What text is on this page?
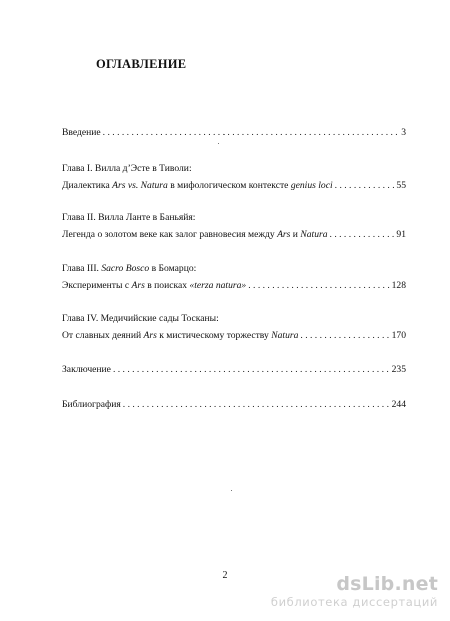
ОГЛАВЛЕНИЕ
Введение . . .	3
Глава I. Вилла д’Эсте в Тиволи:
Диалектика Ars vs. Natura в мифологическом контексте genius loci . . .	55
Глава II. Вилла Ланте в Баньяйя:
Легенда о золотом веке как залог равновесия между Ars и Natura . . .	91
Глава III. Sacro Bosco в Бомарцо:
Эксперименты с Ars в поисках «terza natura» . . .	128
Глава IV. Медичийские сады Тосканы:
От славных деяний Ars к мистическому торжеству Natura . . .	170
Заключение . . .	235
Библиография . . .	244
2	dsLib.net
библиотека диссертаций
